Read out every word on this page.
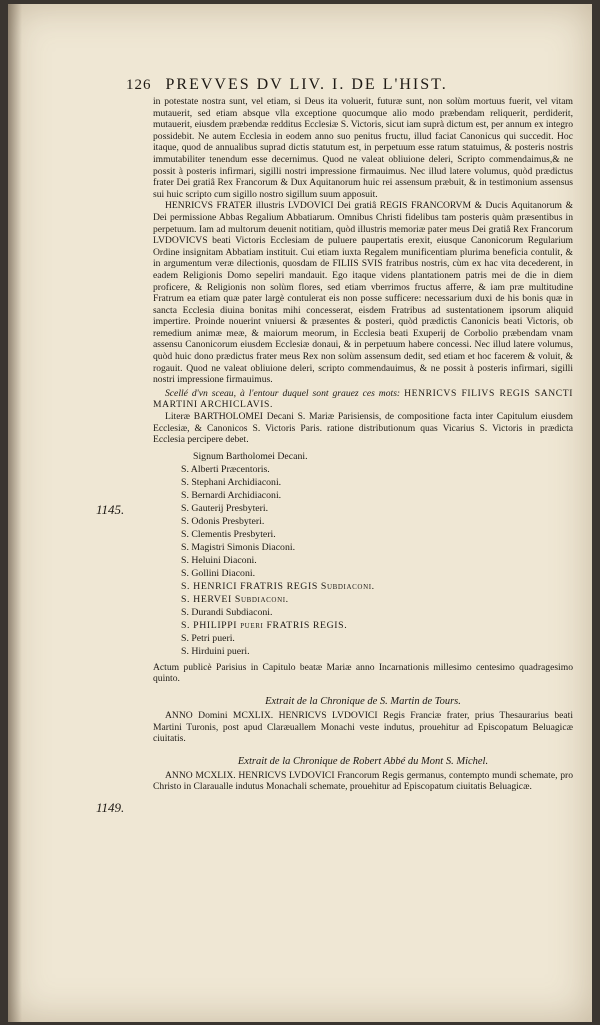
126 PREVVES DV LIV. I. DE L'HIST.
1145.
1149.

in potestate nostra sunt, vel etiam, si Deus ita voluerit, futuræ sunt, non solùm mortuus fuerit, vel vitam mutauerit, sed etiam absque vlla exceptione quocumque alio modo præbendam reliquerit, perdiderit, mutauerit, eiusdem præbendæ redditus Ecclesiæ S. Victoris, sicut iam suprà dictum est, per annum ex integro possidebit. Ne autem Ecclesia in eodem anno suo penitus fructu, illud faciat Canonicus qui succedit. Hoc itaque, quod de annualibus suprad dictis statutum est, in perpetuum esse ratum statuimus, & posteris nostris immutabiliter tenendum esse decernimus. Quod ne valeat obliuione deleri, Scripto commendaimus,& ne possit à posteris infirmari, sigilli nostri impressione firmauimus. Nec illud latere volumus, quòd prædictus frater Dei gratiâ Rex Francorum & Dux Aquitanorum huic rei assensum præbuit, & in testimonium assensus sui huic scripto cum sigillo nostro sigillum suum apposuit.

HENRICVS FRATER illustris LVDOVICI Dei gratiâ REGIS FRANCORVM & Ducis Aquitanorum & Dei permissione Abbas Regalium Abbatiarum. Omnibus Christi fidelibus tam posteris quàm præsentibus in perpetuum. Iam ad multorum deuenit notitiam, quòd illustris memoriæ pater meus Dei gratiâ Rex Francorum LVDOVICVS beati Victoris Ecclesiam de puluere paupertatis erexit, eiusque Canonicorum Regularium Ordine insignitam Abbatiam instituit. Cui etiam iuxta Regalem munificentiam plurima beneficia contulit, & in argumentum veræ dilectionis, quosdam de FILIIS SVIS fratribus nostris, cùm ex hac vita decederent, in eadem Religionis Domo sepeliri mandauit. Ego itaque videns plantationem patris mei de die in diem proficere, & Religionis non solùm flores, sed etiam vberrimos fructus afferre, & iam præ multitudine Fratrum ea etiam quæ pater largè contulerat eis non posse sufficere: necessarium duxi de his bonis quæ in sancta Ecclesia diuina bonitas mihi concesserat, eisdem Fratribus ad sustentationem ipsorum aliquid impertire. Proinde nouerint vniuersi & præsentes & posteri, quòd prædictis Canonicis beati Victoris, ob remedium animæ meæ, & maiorum meorum, in Ecclesia beati Exuperij de Corbolio præbendam vnam assensu Canonicorum eiusdem Ecclesiæ donaui, & in perpetuum habere concessi. Nec illud latere volumus, quòd huic dono prædictus frater meus Rex non solùm assensum dedit, sed etiam et hoc facerem & voluit, & rogauit. Quod ne valeat obliuione deleri, scripto commendauimus, & ne possit à posteris infirmari, sigilli nostri impressione firmauimus.

Scellé d'vn sceau, à l'entour duquel sont grauez ces mots: HENRICVS FILIVS REGIS SANCTI MARTINI ARCHICLAVIS.

Literæ BARTHOLOMEI Decani S. Mariæ Parisiensis, de compositione facta inter Capitulum eiusdem Ecclesiæ, & Canonicos S. Victoris Paris. ratione distributionum quas Vicarius S. Victoris in prædicta Ecclesia percipere debet.

Signum Bartholomei Decani.
S. Alberti Præcentoris.
S. Stephani Archidiaconi.
S. Bernardi Archidiaconi.
S. Gauterij Presbyteri.
S. Odonis Presbyteri.
S. Clementis Presbyteri.
S. Magistri Simonis Diaconi.
S. Heluini Diaconi.
S. Gollini Diaconi.
S. HENRICI FRATRIS REGIS Subdiaconi.
S. HERVEI Subdiaconi.
S. Durandi Subdiaconi.
S. PHILIPPI pueri FRATRIS REGIS.
S. Petri pueri.
S. Hirduini pueri.

Actum publicè Parisius in Capitulo beatæ Mariæ anno Incarnationis millesimo centesimo quadragesimo quinto.

Extrait de la Chronique de S. Martin de Tours.

ANNO Domini MCXLIX. HENRICVS LVDOVICI Regis Franciæ frater, prius Thesaurarius beati Martini Turonis, post apud Claræuallem Monachi veste indutus, prouehitur ad Episcopatum Beluagicæ ciuitatis.

Extrait de la Chronique de Robert Abbé du Mont S. Michel.

ANNO MCXLIX. HENRICVS LVDOVICI Francorum Regis germanus, contempto mundi schemate, pro Christo in Claraualle indutus Monachali schemate, prouehitur ad Episcopatum ciuitatis Beluagicæ.
